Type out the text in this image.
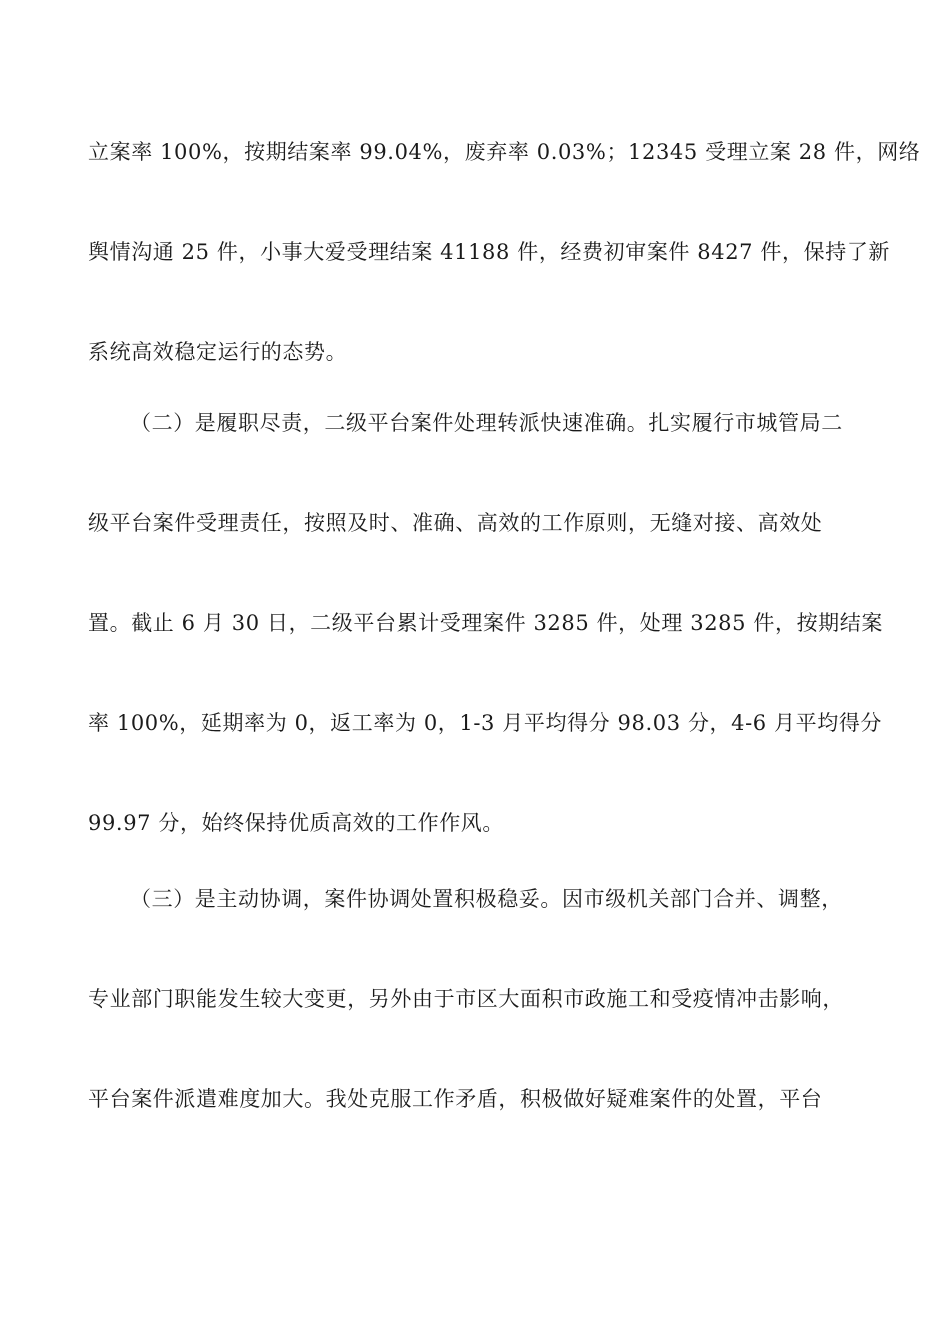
立案率 100%，按期结案率 99.04%，废弃率 0.03%；12345 受理立案 28 件，网络
舆情沟通 25 件，小事大爱受理结案 41188 件，经费初审案件 8427 件，保持了新
系统高效稳定运行的态势。
（二）是履职尽责，二级平台案件处理转派快速准确。扎实履行市城管局二
级平台案件受理责任，按照及时、准确、高效的工作原则，无缝对接、高效处
置。截止 6 月 30 日，二级平台累计受理案件 3285 件，处理 3285 件，按期结案
率 100%，延期率为 0，返工率为 0，1-3 月平均得分 98.03 分，4-6 月平均得分
99.97 分，始终保持优质高效的工作作风。
（三）是主动协调，案件协调处置积极稳妥。因市级机关部门合并、调整，
专业部门职能发生较大变更，另外由于市区大面积市政施工和受疫情冲击影响，
平台案件派遣难度加大。我处克服工作矛盾，积极做好疑难案件的处置，平台
